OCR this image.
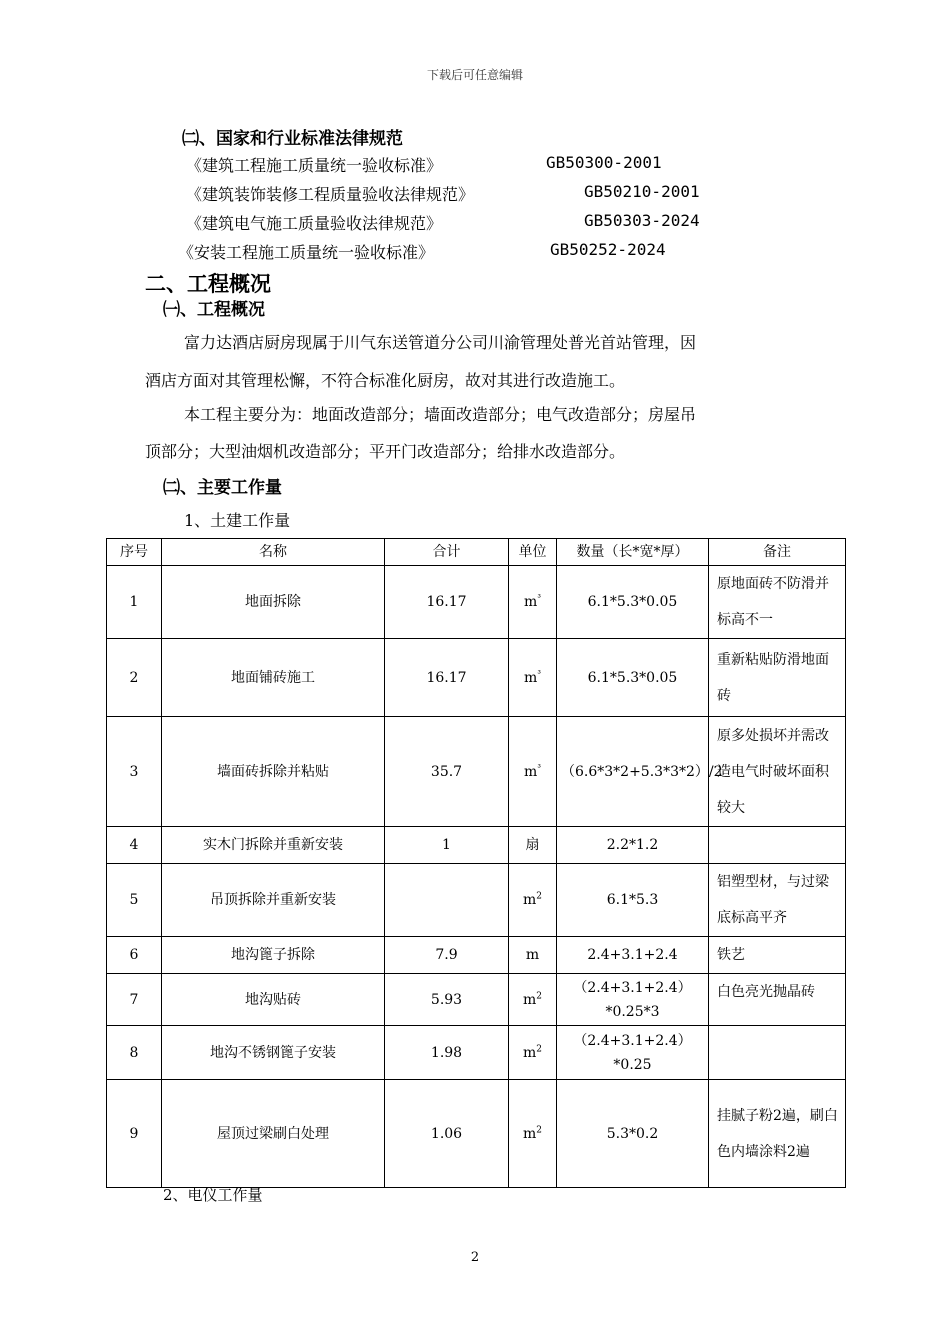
下载后可任意编辑
㈡、国家和行业标准法律规范
《建筑工程施工质量统一验收标准》	GB50300-2001
《建筑装饰装修工程质量验收法律规范》	GB50210-2001
《建筑电气施工质量验收法律规范》	GB50303-2024
《安装工程施工质量统一验收标准》	GB50252-2024
二、工程概况
㈠、工程概况
富力达酒店厨房现属于川气东送管道分公司川渝管理处普光首站管理，因
酒店方面对其管理松懈，不符合标准化厨房，故对其进行改造施工。
本工程主要分为：地面改造部分；墙面改造部分；电气改造部分；房屋吊
顶部分；大型油烟机改造部分；平开门改造部分；给排水改造部分。
㈡、主要工作量
1、土建工作量
序号	名称	合计	单位	数量（长*宽*厚）	备注
1	地面拆除	16.17	$m^{^3}$	6.1*5.3*0.05	原地面砖不防滑并标高不一
2	地面铺砖施工	16.17	$m^{^3}$	6.1*5.3*0.05	重新粘贴防滑地面砖
3	墙面砖拆除并粘贴	35.7	$m^{^3}$	（6.6*3*2+5.3*3*2）/2	原多处损坏并需改造电气时破坏面积较大
4	实木门拆除并重新安装	1	扇	2.2*1.2	
5	吊顶拆除并重新安装		$m^2$	6.1*5.3	铝塑型材，与过梁底标高平齐
6	地沟篦子拆除	7.9	m	2.4+3.1+2.4	铁艺
7	地沟贴砖	5.93	$m^2$	（2.4+3.1+2.4）*0.25*3	白色亮光抛晶砖
8	地沟不锈钢篦子安装	1.98	$m^2$	（2.4+3.1+2.4）*0.25	
9	屋顶过梁刷白处理	1.06	$m^2$	5.3*0.2	挂腻子粉2遍，刷白色内墙涂料2遍
2、电仪工作量
2
